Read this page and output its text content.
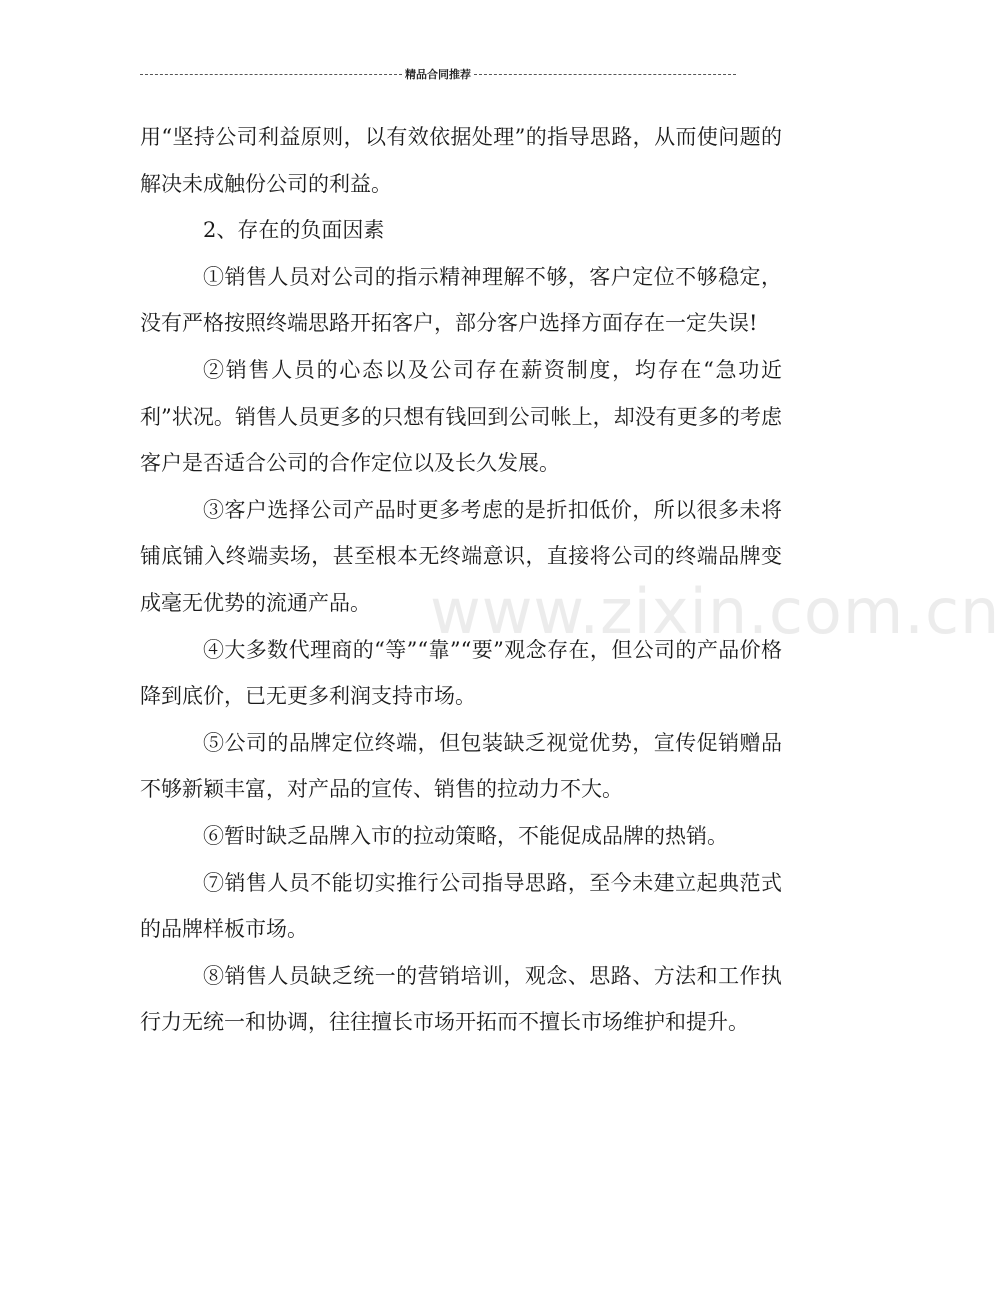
精品合同推荐
www.zixin.com.cn

用“坚持公司利益原则，以有效依据处理”的指导思路，从而使问题的解决未成触份公司的利益。

2、存在的负面因素

①销售人员对公司的指示精神理解不够，客户定位不够稳定，没有严格按照终端思路开拓客户，部分客户选择方面存在一定失误!

②销售人员的心态以及公司存在薪资制度，均存在“急功近利”状况。销售人员更多的只想有钱回到公司帐上，却没有更多的考虑客户是否适合公司的合作定位以及长久发展。

③客户选择公司产品时更多考虑的是折扣低价，所以很多未将铺底铺入终端卖场，甚至根本无终端意识，直接将公司的终端品牌变成毫无优势的流通产品。

④大多数代理商的“等”“靠”“要”观念存在，但公司的产品价格降到底价，已无更多利润支持市场。

⑤公司的品牌定位终端，但包装缺乏视觉优势，宣传促销赠品不够新颖丰富，对产品的宣传、销售的拉动力不大。

⑥暂时缺乏品牌入市的拉动策略，不能促成品牌的热销。

⑦销售人员不能切实推行公司指导思路，至今未建立起典范式的品牌样板市场。

⑧销售人员缺乏统一的营销培训，观念、思路、方法和工作执行力无统一和协调，往往擅长市场开拓而不擅长市场维护和提升。
